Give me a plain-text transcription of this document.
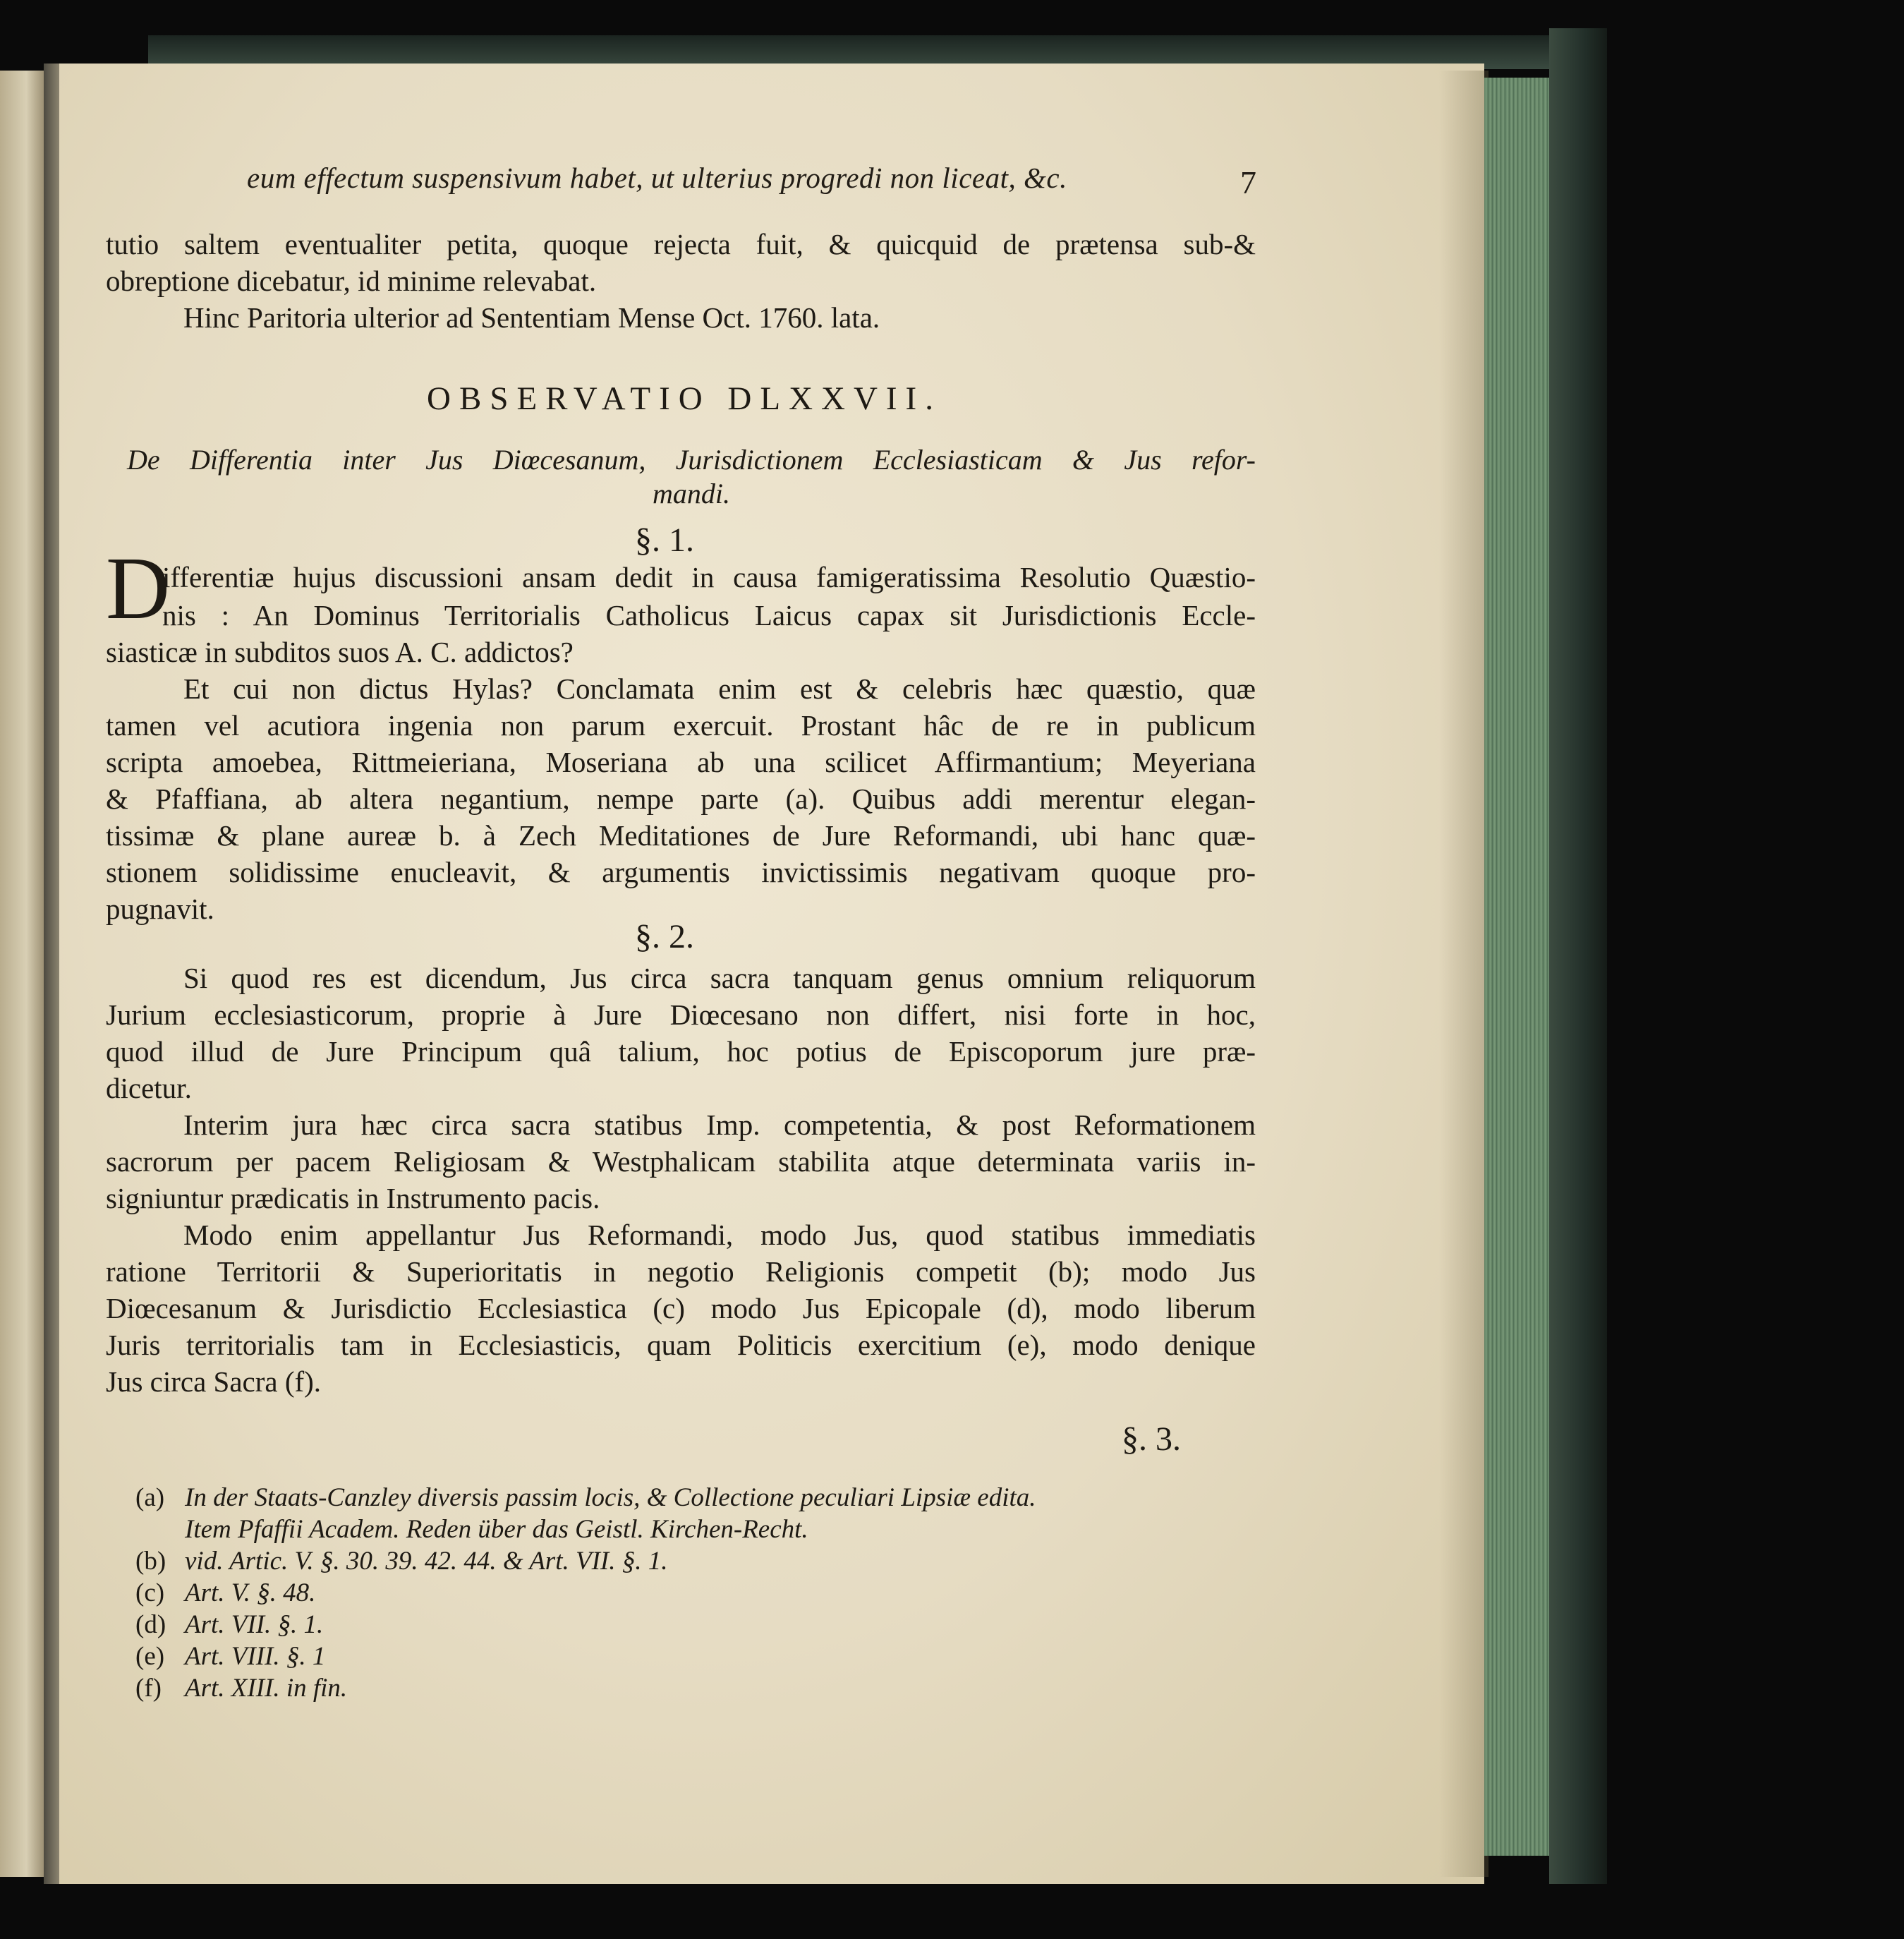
eum effectum suspensivum habet, ut ulterius progredi non liceat, &c.	7
tutio saltem eventualiter petita, quoque rejecta fuit, & quicquid de prætensa sub-&
obreptione dicebatur, id minime relevabat.
Hinc Paritoria ulterior ad Sententiam Mense Oct. 1760. lata.
OBSERVATIO DLXXVII.
De Differentia inter Jus Diœcesanum, Jurisdictionem Ecclesiasticam & Jus refor-
mandi.
§. 1.
D
ifferentiæ hujus discussioni ansam dedit in causa famigeratissima Resolutio Quæstio-
nis : An Dominus Territorialis Catholicus Laicus capax sit Jurisdictionis Eccle-
siasticæ in subditos suos A. C. addictos?
Et cui non dictus Hylas? Conclamata enim est & celebris hæc quæstio, quæ
tamen vel acutiora ingenia non parum exercuit. Prostant hâc de re in publicum
scripta amoebea, Rittmeieriana, Moseriana ab una scilicet Affirmantium; Meyeriana
& Pfaffiana, ab altera negantium, nempe parte (a). Quibus addi merentur elegan-
tissimæ & plane aureæ b. à Zech Meditationes de Jure Reformandi, ubi hanc quæ-
stionem solidissime enucleavit, & argumentis invictissimis negativam quoque pro-
pugnavit.
§. 2.
Si quod res est dicendum, Jus circa sacra tanquam genus omnium reliquorum
Jurium ecclesiasticorum, proprie à Jure Diœcesano non differt, nisi forte in hoc,
quod illud de Jure Principum quâ talium, hoc potius de Episcoporum jure præ-
dicetur.
Interim jura hæc circa sacra statibus Imp. competentia, & post Reformationem
sacrorum per pacem Religiosam & Westphalicam stabilita atque determinata variis in-
signiuntur prædicatis in Instrumento pacis.
Modo enim appellantur Jus Reformandi, modo Jus, quod statibus immediatis
ratione Territorii & Superioritatis in negotio Religionis competit (b); modo Jus
Diœcesanum & Jurisdictio Ecclesiastica (c) modo Jus Epicopale (d), modo liberum
Juris territorialis tam in Ecclesiasticis, quam Politicis exercitium (e), modo denique
Jus circa Sacra (f).
§. 3.
(a) In der Staats-Canzley diversis passim locis, & Collectione peculiari Lipsiæ edita.
Item Pfaffii Academ. Reden über das Geistl. Kirchen-Recht.
(b) vid. Artic. V. §. 30. 39. 42. 44. & Art. VII. §. 1.
(c) Art. V. §. 48.
(d) Art. VII. §. 1.
(e) Art. VIII. §. 1
(f) Art. XIII. in fin.
